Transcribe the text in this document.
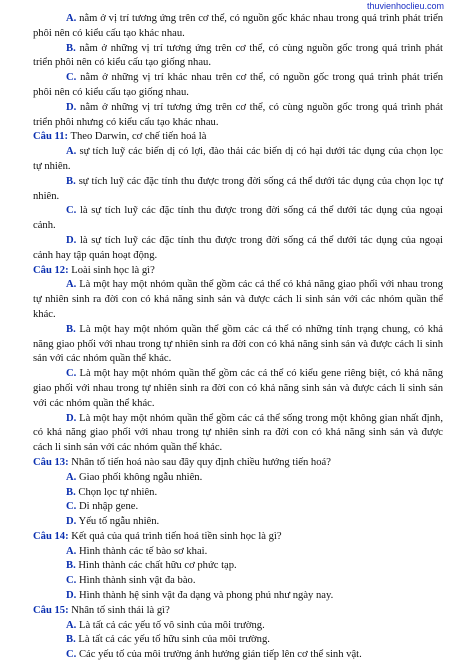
thuvienhoclieu.com
A. nằm ở vị trí tương ứng trên cơ thể, có nguồn gốc khác nhau trong quá trình phát triển phôi nên có kiểu cấu tạo khác nhau.
B. nằm ở những vị trí tương ứng trên cơ thể, có cùng nguồn gốc trong quá trình phát triển phôi nên có kiểu cấu tạo giống nhau.
C. nằm ở những vị trí khác nhau trên cơ thể, có nguồn gốc trong quá trình phát triển phôi nên có kiểu cấu tạo giống nhau.
D. nằm ở những vị trí tương ứng trên cơ thể, có cùng nguồn gốc trong quá trình phát triển phôi nhưng có kiểu cấu tạo khác nhau.
Câu 11: Theo Darwin, cơ chế tiến hoá là
A. sự tích luỹ các biến dị có lợi, đào thải các biến dị có hại dưới tác dụng của chọn lọc tự nhiên.
B. sự tích luỹ các đặc tính thu được trong đời sống cá thể dưới tác dụng của chọn lọc tự nhiên.
C. là sự tích luỹ các đặc tính thu được trong đời sống cá thể dưới tác dụng của ngoại cảnh.
D. là sự tích luỹ các đặc tính thu được trong đời sống cá thể dưới tác dụng của ngoại cảnh hay tập quán hoạt động.
Câu 12: Loài sinh học là gì?
A. Là một hay một nhóm quần thể gồm các cá thể có khả năng giao phối với nhau trong tự nhiên sinh ra đời con có khả năng sinh sản và được cách li sinh sản với các nhóm quần thể khác.
B. Là một hay một nhóm quần thể gồm các cá thể có những tính trạng chung, có khả năng giao phối với nhau trong tự nhiên sinh ra đời con có khả năng sinh sản và được cách li sinh sản với các nhóm quần thể khác.
C. Là một hay một nhóm quần thể gồm các cá thể có kiểu gene riêng biệt, có khả năng giao phối với nhau trong tự nhiên sinh ra đời con có khả năng sinh sản và được cách li sinh sản với các nhóm quần thể khác.
D. Là một hay một nhóm quần thể gồm các cá thể sống trong một không gian nhất định, có khả năng giao phối với nhau trong tự nhiên sinh ra đời con có khả năng sinh sản và được cách li sinh sản với các nhóm quần thể khác.
Câu 13: Nhân tố tiến hoá nào sau đây quy định chiều hướng tiến hoá?
A. Giao phối không ngẫu nhiên.
B. Chọn lọc tự nhiên.
C. Di nhập gene.
D. Yếu tố ngẫu nhiên.
Câu 14: Kết quả của quá trình tiến hoá tiền sinh học là gì?
A. Hình thành các tế bào sơ khai.
B. Hình thành các chất hữu cơ phức tạp.
C. Hình thành sinh vật đa bào.
D. Hình thành hệ sinh vật đa dạng và phong phú như ngày nay.
Câu 15: Nhân tố sinh thái là gì?
A. Là tất cả các yếu tố vô sinh của môi trường.
B. Là tất cả các yếu tố hữu sinh của môi trường.
C. Các yếu tố của môi trường ảnh hưởng gián tiếp lên cơ thể sinh vật.
